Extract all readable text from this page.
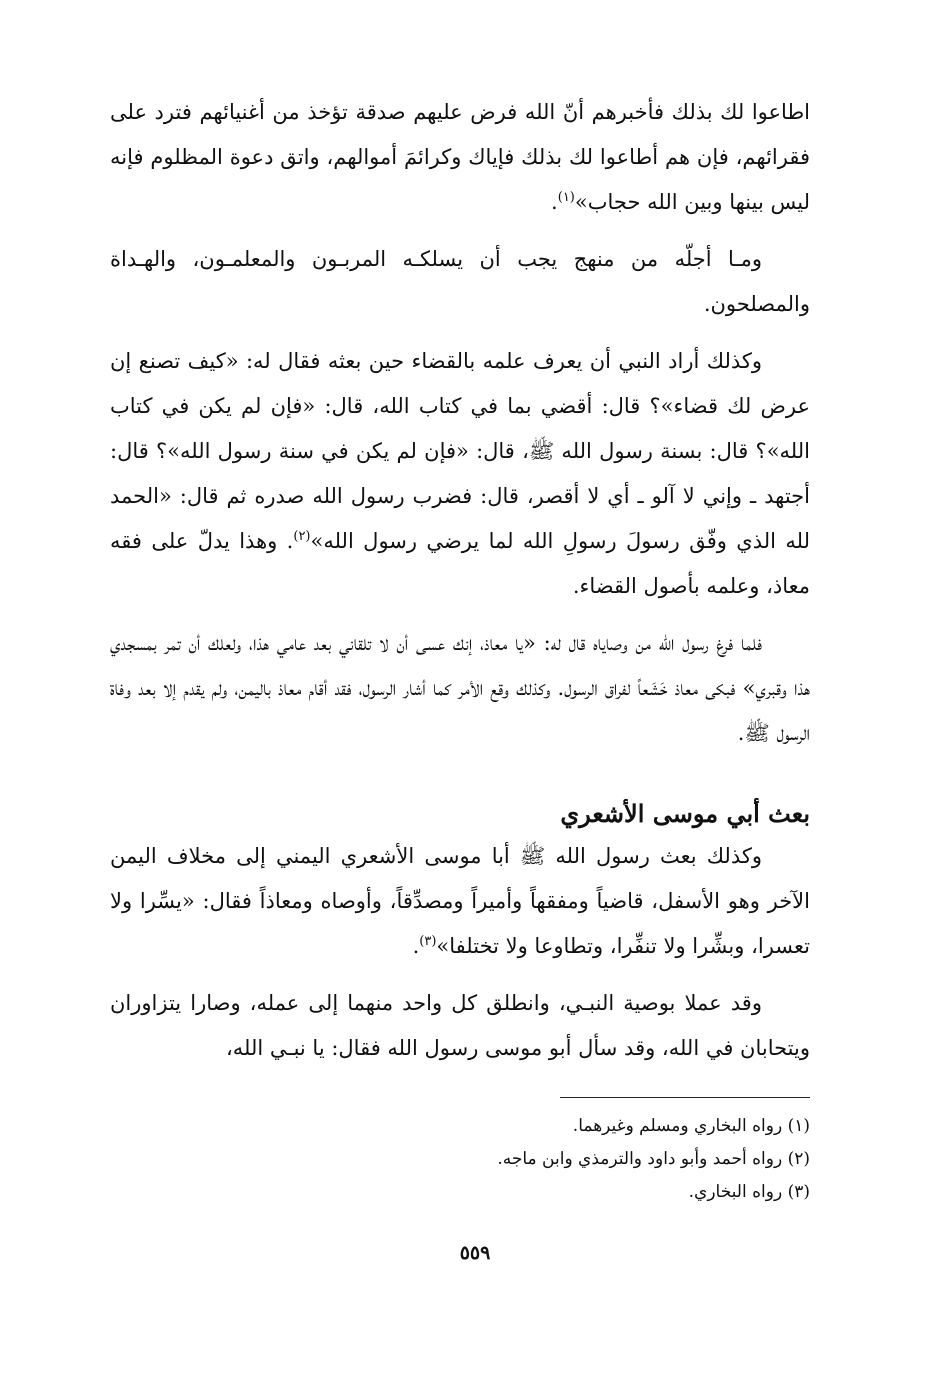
اطاعوا لك بذلك فأخبرهم أنّ الله فرض عليهم صدقة تؤخذ من أغنيائهم فترد على فقرائهم، فإن هم أطاعوا لك بذلك فإياك وكرائمَ أموالهم، واتق دعوة المظلوم فإنه ليس بينها وبين الله حجاب»$^{(١)}$.

ومـا أجلّه من منهج يجب أن يسلكـه المربـون والمعلمـون، والهـداة والمصلحون.

وكذلك أراد النبي أن يعرف علمه بالقضاء حين بعثه فقال له: «كيف تصنع إن عرض لك قضاء»؟ قال: أقضي بما في كتاب الله، قال: «فإن لم يكن في كتاب الله»؟ قال: بسنة رسول الله ﷺ، قال: «فإن لم يكن في سنة رسول الله»؟ قال: أجتهد ـ وإني لا آلو ـ أي لا أقصر، قال: فضرب رسول الله صدره ثم قال: «الحمد لله الذي وفّق رسولَ رسولِ الله لما يرضي رسول الله»$^{(٢)}$. وهذا يدلّ على فقه معاذ، وعلمه بأصول القضاء.

فلما فرغ رسول الله من وصاياه قال له: «يا معاذ، إنك عسى أن لا تلقاني بعد عامي هذا، ولعلك أن تمر بمسجدي هذا وقبري» فبكى معاذ خَشَعاً لفراق الرسول. وكذلك وقع الأمر كما أشار الرسول، فقد أقام معاذ باليمن، ولم يقدم إلا بعد وفاة الرسول ﷺ.

بعث أبي موسى الأشعري

وكذلك بعث رسول الله ﷺ أبا موسى الأشعري اليمني إلى مخلاف اليمن الآخر وهو الأسفل، قاضياً ومفقهاً وأميراً ومصدِّقاً، وأوصاه ومعاذاً فقال: «يسِّرا ولا تعسرا، وبشِّرا ولا تنفِّرا، وتطاوعا ولا تختلفا»$^{(٣)}$.

وقد عملا بوصية النبـي، وانطلق كل واحد منهما إلى عمله، وصارا يتزاوران ويتحابان في الله، وقد سأل أبو موسى رسول الله فقال: يا نبـي الله،

(١) رواه البخاري ومسلم وغيرهما.
(٢) رواه أحمد وأبو داود والترمذي وابن ماجه.
(٣) رواه البخاري.
٥٥٩
